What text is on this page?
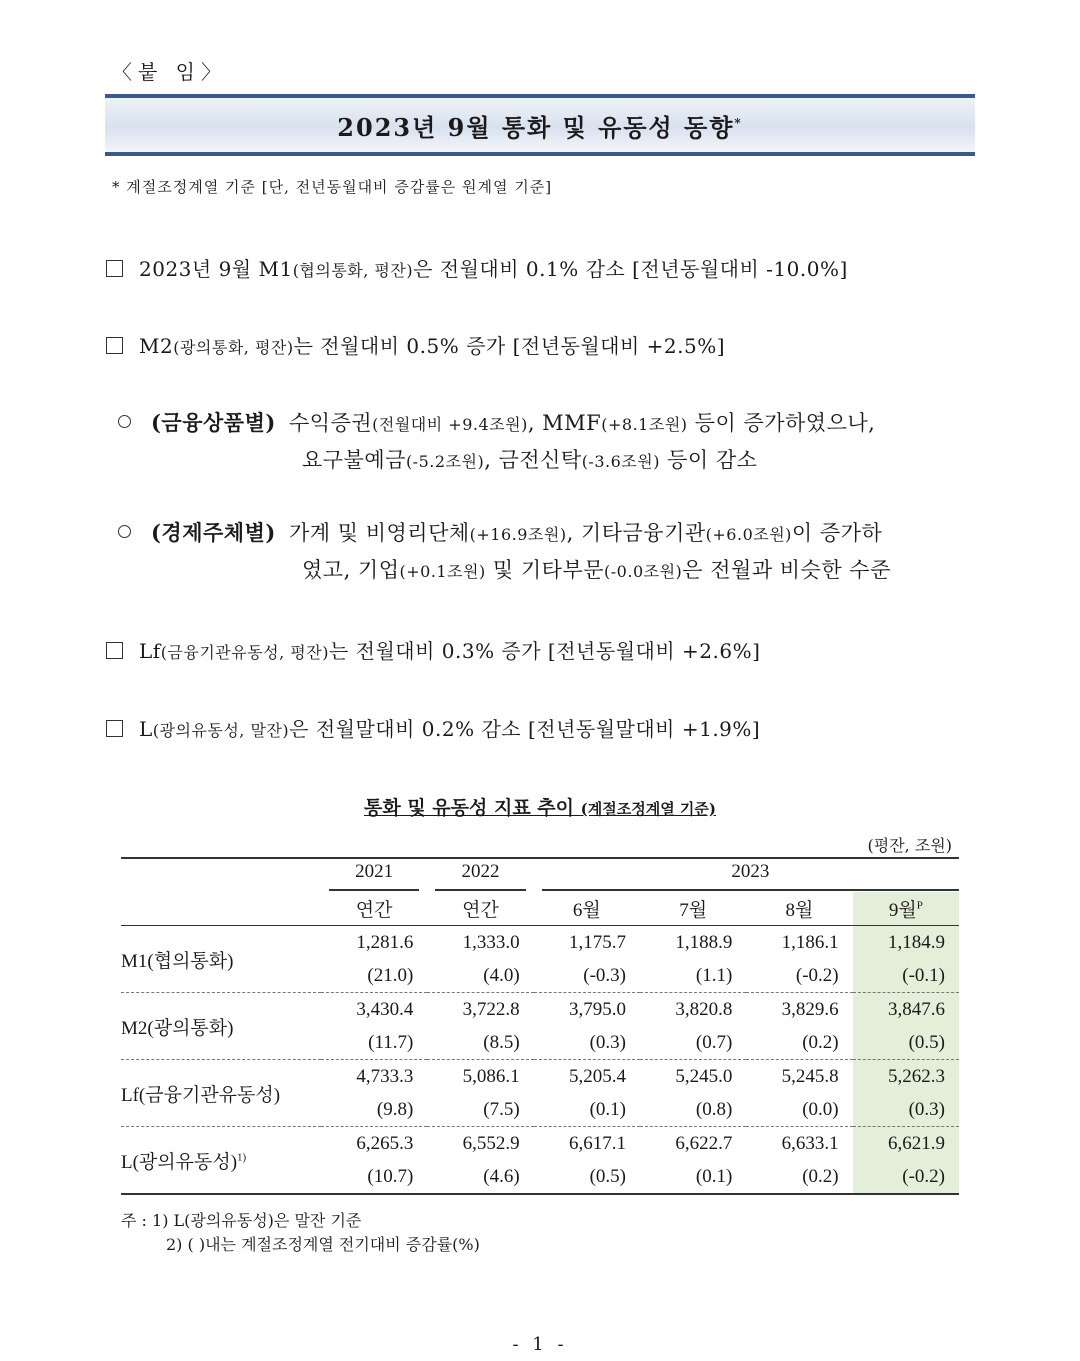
〈붙 임〉
2023년 9월 통화 및 유동성 동향*
* 계절조정계열 기준 [단, 전년동월대비 증감률은 원계열 기준]
2023년 9월 M1(협의통화, 평잔)은 전월대비 0.1% 감소 [전년동월대비 -10.0%]
M2(광의통화, 평잔)는 전월대비 0.5% 증가 [전년동월대비 +2.5%]
(금융상품별) 수익증권(전월대비 +9.4조원), MMF(+8.1조원) 등이 증가하였으나,
요구불예금(-5.2조원), 금전신탁(-3.6조원) 등이 감소
(경제주체별) 가계 및 비영리단체(+16.9조원), 기타금융기관(+6.0조원)이 증가하
였고, 기업(+0.1조원) 및 기타부문(-0.0조원)은 전월과 비슷한 수준
Lf(금융기관유동성, 평잔)는 전월대비 0.3% 증가 [전년동월대비 +2.6%]
L(광의유동성, 말잔)은 전월말대비 0.2% 감소 [전년동월말대비 +1.9%]
통화 및 유동성 지표 추이 (계절조정계열 기준)
(평잔, 조원)

	2021	2022	2023			

	연간	연간	6월	7월	8월	9월$^P$
M1(협의통화)	1,281.6	1,333.0	1,175.7	1,188.9	1,186.1	1,184.9
	(21.0)	(4.0)	(-0.3)	(1.1)	(-0.2)	(-0.1)
M2(광의통화)	3,430.4	3,722.8	3,795.0	3,820.8	3,829.6	3,847.6
	(11.7)	(8.5)	(0.3)	(0.7)	(0.2)	(0.5)
Lf(금융기관유동성)	4,733.3	5,086.1	5,205.4	5,245.0	5,245.8	5,262.3
	(9.8)	(7.5)	(0.1)	(0.8)	(0.0)	(0.3)
L(광의유동성)$^{1)}$	6,265.3	6,552.9	6,617.1	6,622.7	6,633.1	6,621.9
	(10.7)	(4.6)	(0.5)	(0.1)	(0.2)	(-0.2)
주 : 1) L(광의유동성)은 말잔 기준
2) ( )내는 계절조정계열 전기대비 증감률(%)
- 1 -
